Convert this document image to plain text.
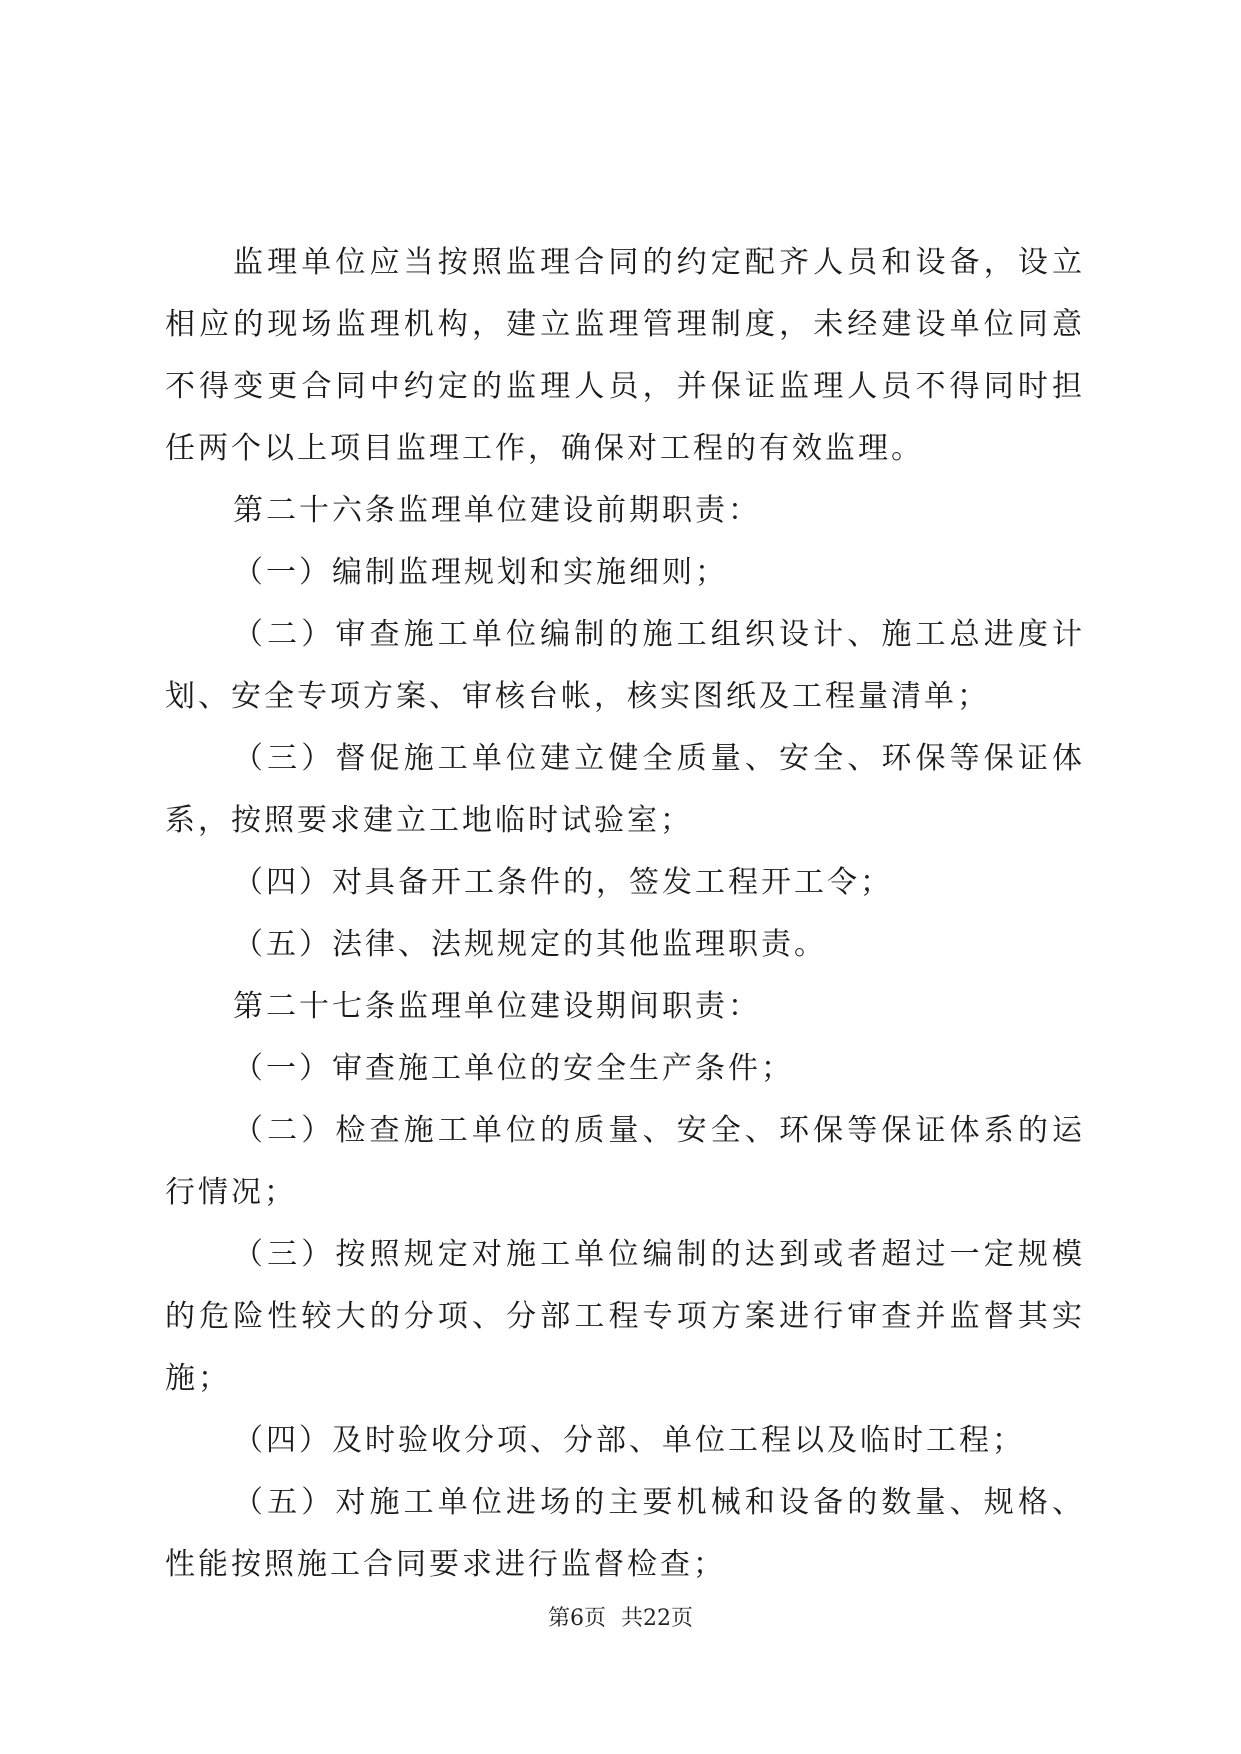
监理单位应当按照监理合同的约定配齐人员和设备，设立相应的现场监理机构，建立监理管理制度，未经建设单位同意不得变更合同中约定的监理人员，并保证监理人员不得同时担任两个以上项目监理工作，确保对工程的有效监理。

第二十六条监理单位建设前期职责：

（一）编制监理规划和实施细则；

（二）审查施工单位编制的施工组织设计、施工总进度计划、安全专项方案、审核台帐，核实图纸及工程量清单；

（三）督促施工单位建立健全质量、安全、环保等保证体系，按照要求建立工地临时试验室；

（四）对具备开工条件的，签发工程开工令；

（五）法律、法规规定的其他监理职责。

第二十七条监理单位建设期间职责：

（一）审查施工单位的安全生产条件；

（二）检查施工单位的质量、安全、环保等保证体系的运行情况；

（三）按照规定对施工单位编制的达到或者超过一定规模的危险性较大的分项、分部工程专项方案进行审查并监督其实施；

（四）及时验收分项、分部、单位工程以及临时工程；

（五）对施工单位进场的主要机械和设备的数量、规格、性能按照施工合同要求进行监督检查；

第6页 共22页
